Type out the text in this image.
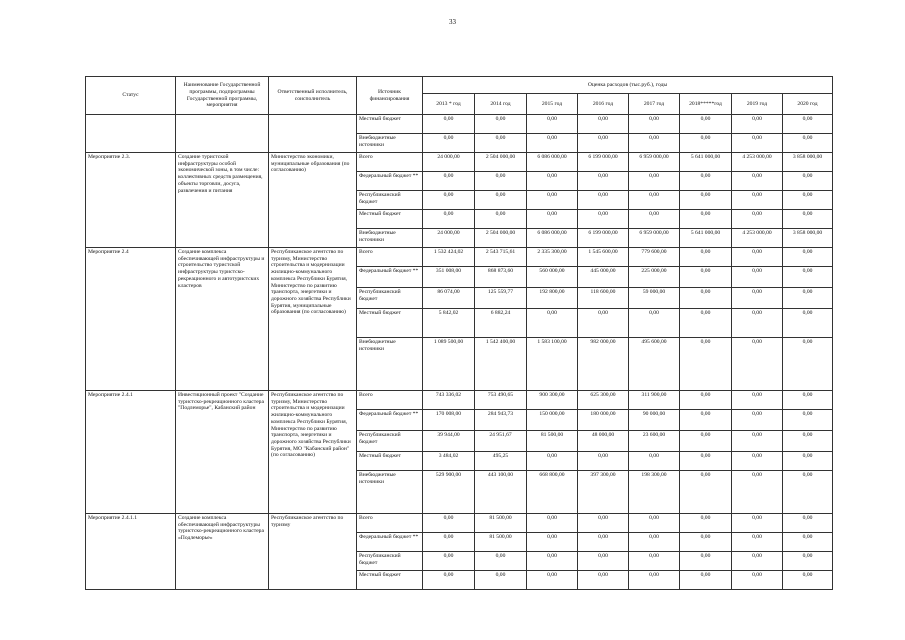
33
Статус	Наименование Государственной программы, подпрограммы Государственной программы, мероприятия	Ответственный исполнитель, соисполнитель	Источник финансирования	Оценка расходов (тыс.руб.), годы							
				2013 * год	2014 год	2015 год	2016 год	2017 год	2018*****год	2019 год	2020 год
			Местный бюджет	0,00	0,00	0,00	0,00	0,00	0,00	0,00	0,00
			Внебюджетные источники	0,00	0,00	0,00	0,00	0,00	0,00	0,00	0,00
Мероприятие 2.3.	Создание туристской инфраструктуры особой экономической зоны, в том числе: коллективных средств размещения, объекты торговли, досуга, развлечения и питания	Министерство экономики, муниципальные образования (по согласованию)	Всего	24 000,00	2 504 000,00	6 086 000,00	6 199 000,00	6 959 000,00	5 641 000,00	4 253 000,00	3 858 000,00
			Федеральный бюджет **	0,00	0,00	0,00	0,00	0,00	0,00	0,00	0,00
			Республиканский бюджет	0,00	0,00	0,00	0,00	0,00	0,00	0,00	0,00
			Местный бюджет	0,00	0,00	0,00	0,00	0,00	0,00	0,00	0,00
			Внебюджетные источники	24 000,00	2 504 000,00	6 086 000,00	6 199 000,00	6 959 000,00	5 641 000,00	4 253 000,00	3 858 000,00
Мероприятие 2.4	Создание комплекса обеспечивающей инфраструктуры и строительство туристской инфраструктуры туристско-рекреационного и автотуристских кластеров	Республиканское агентство по туризму, Министерство строительства и модернизации жилищно-коммунального комплекса Республики Бурятия, Министерство по развитию транспорта, энергетики и дорожного хозяйства Республики Бурятия, муниципальные образования (по согласованию)	Всего	1 532 424,02	2 543 715,61	2 335 300,00	1 545 600,00	779 600,00	0,00	0,00	0,00
			Федеральный бюджет **	351 008,00	868 873,60	560 000,00	445 000,00	225 000,00	0,00	0,00	0,00
			Республиканский бюджет	86 074,00	125 559,77	192 800,00	118 600,00	59 000,00	0,00	0,00	0,00
			Местный бюджет	5 842,02	6 882,24	0,00	0,00	0,00	0,00	0,00	0,00
			Внебюджетные источники	1 089 500,00	1 542 400,00	1 583 100,00	982 000,00	495 600,00	0,00	0,00	0,00
Мероприятие 2.4.1	Инвестиционный проект "Создание туристско-рекреационного кластера "Подлеморье", Кабанский район	Республиканское агентство по туризму, Министерство строительства и модернизации жилищно-коммунального комплекса Республики Бурятия, Министерство по развитию транспорта, энергетики и дорожного хозяйства Республики Бурятия, МО "Кабанский район" (по согласованию)	Всего	743 336,02	753 490,65	900 300,00	625 300,00	311 900,00	0,00	0,00	0,00
			Федеральный бюджет **	170 008,00	284 943,73	150 000,00	180 000,00	90 000,00	0,00	0,00	0,00
			Республиканский бюджет	39 944,00	24 951,67	81 500,00	48 000,00	23 600,00	0,00	0,00	0,00
			Местный бюджет	3 484,02	495,25	0,00	0,00	0,00	0,00	0,00	0,00
			Внебюджетные источники	529 900,00	443 100,00	668 800,00	397 300,00	198 300,00	0,00	0,00	0,00
Мероприятие 2.4.1.1	Создание комплекса обеспечивающей инфраструктуры туристско-рекреационного кластера «Подлеморье»	Республиканское агентство по туризму	Всего	0,00	81 500,00	0,00	0,00	0,00	0,00	0,00	0,00
			Федеральный бюджет **	0,00	81 500,00	0,00	0,00	0,00	0,00	0,00	0,00
			Республиканский бюджет	0,00	0,00	0,00	0,00	0,00	0,00	0,00	0,00
			Местный бюджет	0,00	0,00	0,00	0,00	0,00	0,00	0,00	0,00
